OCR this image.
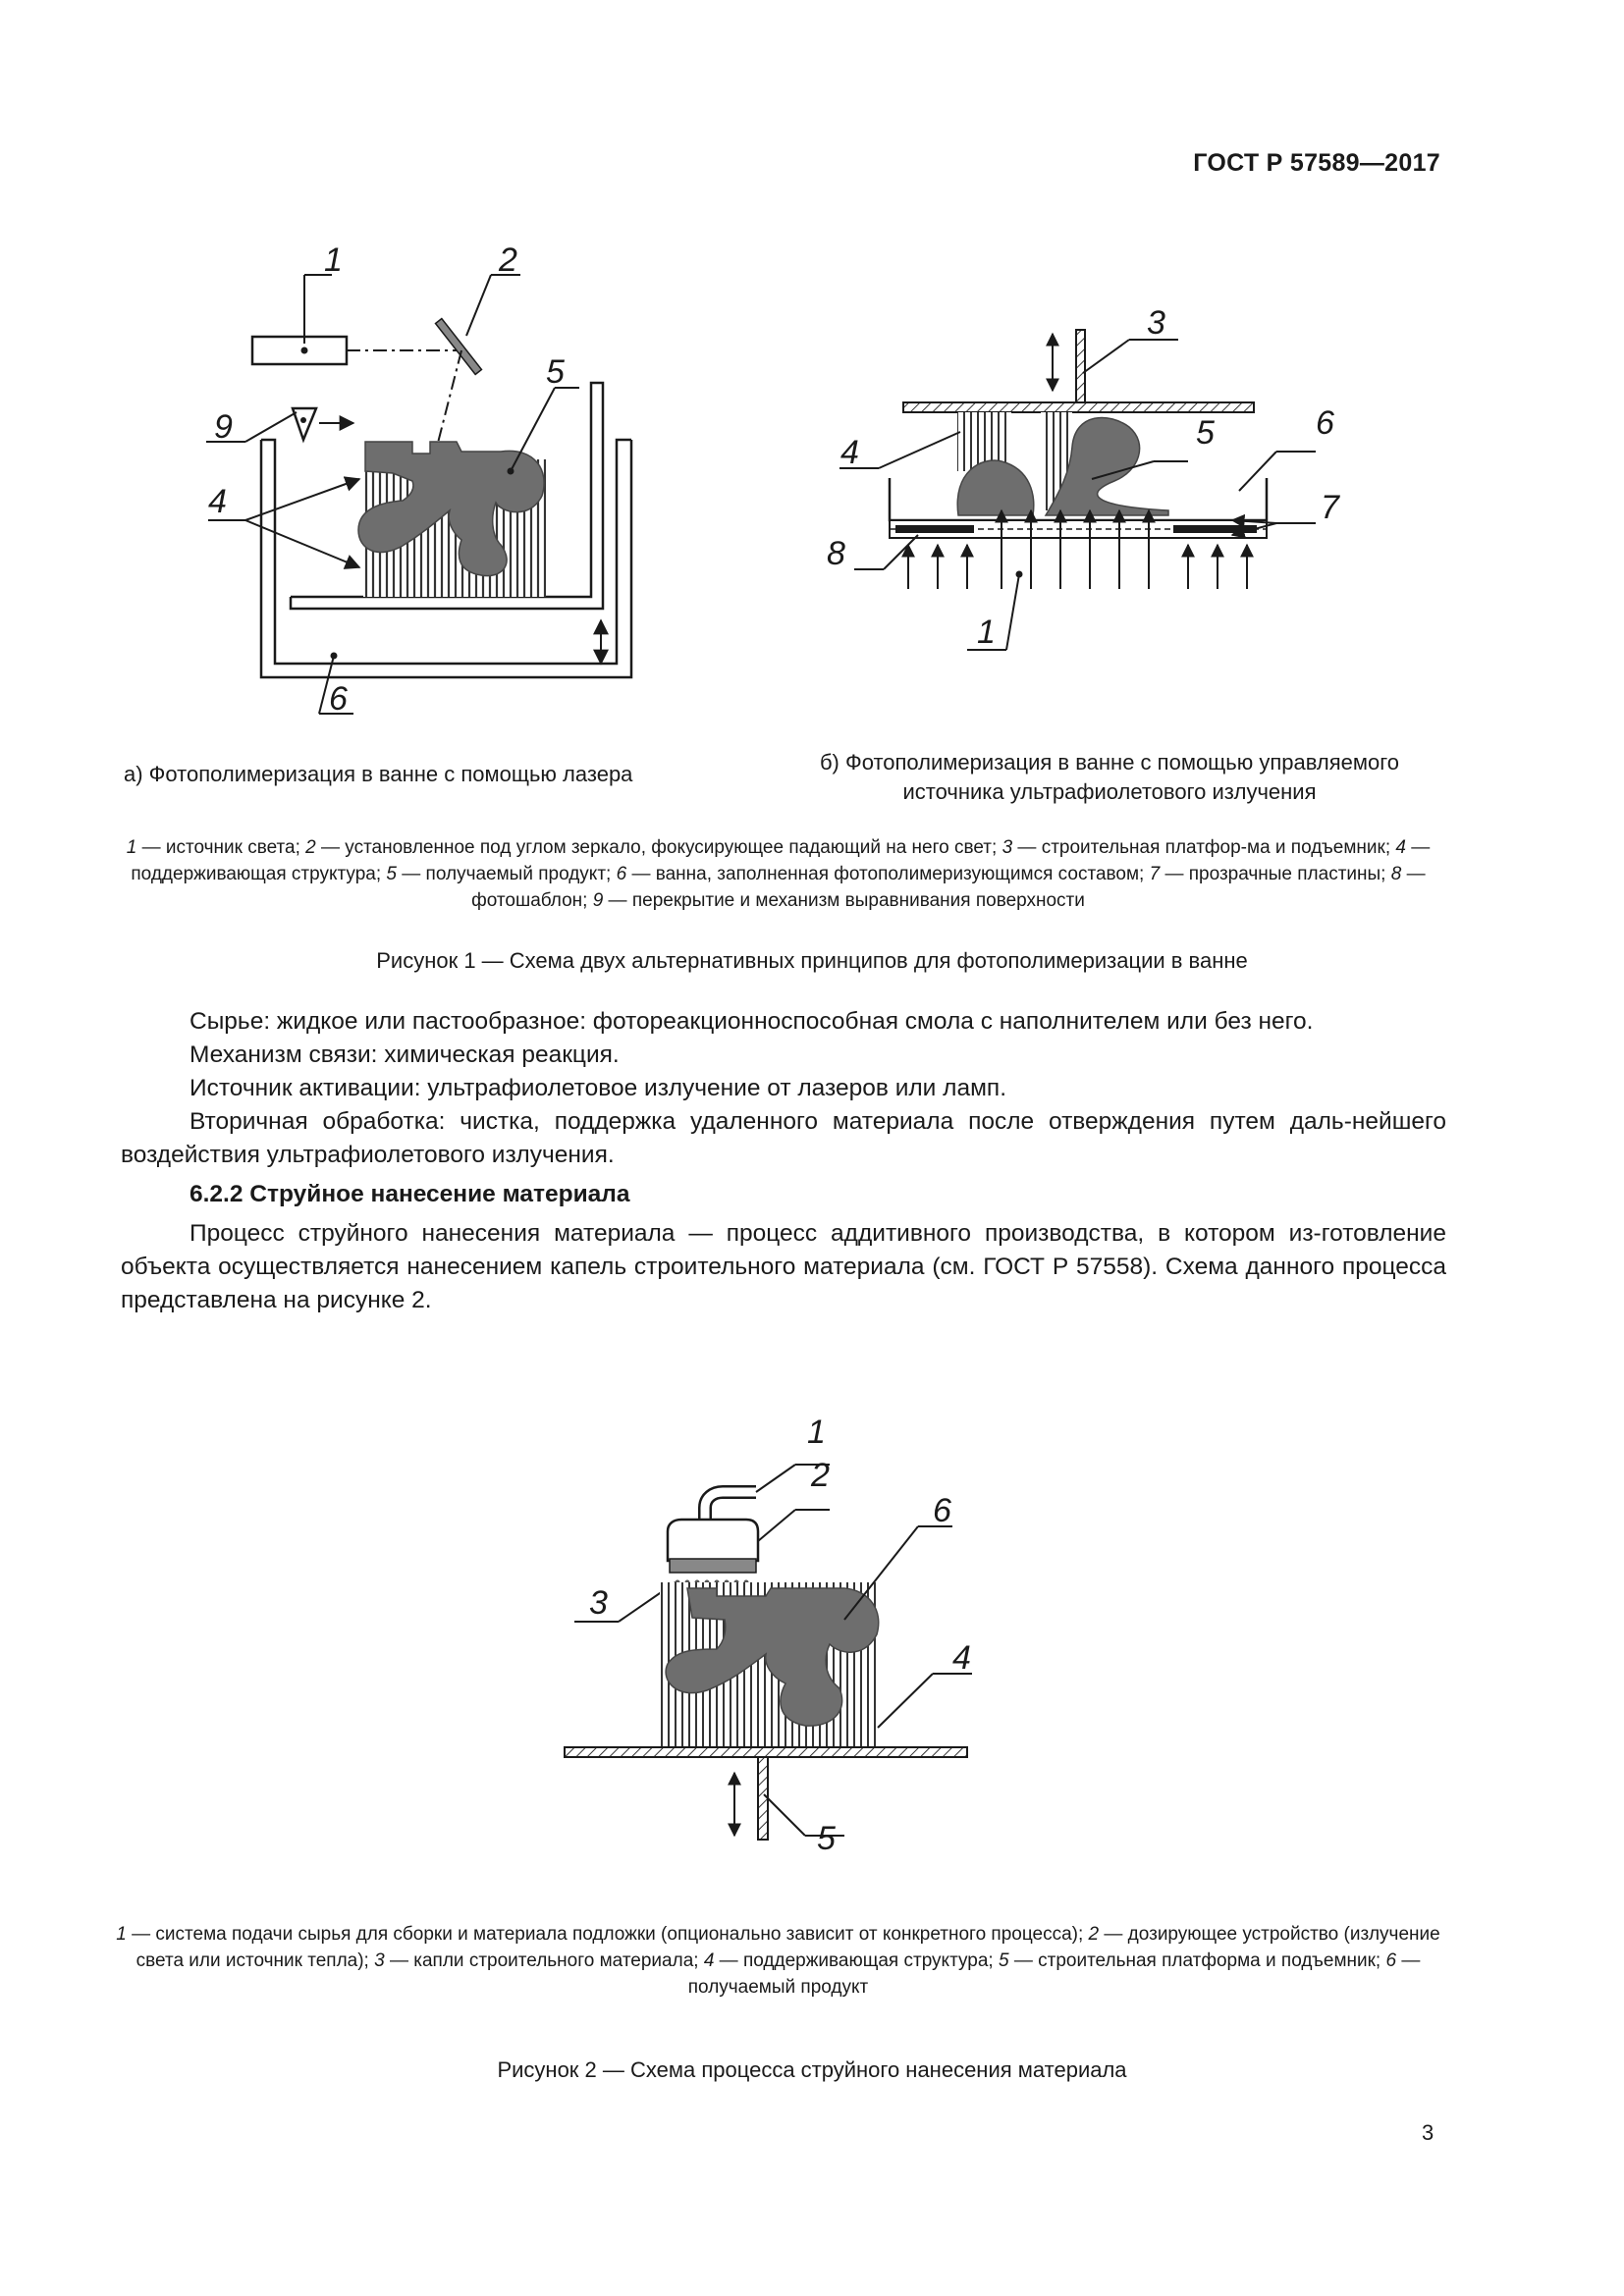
ГОСТ Р 57589—2017
1	2
5
9
4
6
3
5
4
6
7
8
1
а) Фотополимеризация в ванне с помощью лазера	б) Фотополимеризация в ванне с помощью управляемого
источника ультрафиолетового излучения
1 — источник света; 2 — установленное под углом зеркало, фокусирующее падающий на него свет; 3 — строительная платфор-ма и подъемник; 4 — поддерживающая структура; 5 — получаемый продукт; 6 — ванна, заполненная фотополимеризующимся составом; 7 — прозрачные пластины; 8 — фотошаблон; 9 — перекрытие и механизм выравнивания поверхности
Рисунок 1 — Схема двух альтернативных принципов для фотополимеризации в ванне

Сырье: жидкое или пастообразное: фотореакционноспособная смола с наполнителем или без него.

Механизм связи: химическая реакция.

Источник активации: ультрафиолетовое излучение от лазеров или ламп.

Вторичная обработка: чистка, поддержка удаленного материала после отверждения путем даль-нейшего воздействия ультрафиолетового излучения.

6.2.2 Струйное нанесение материала

Процесс струйного нанесения материала — процесс аддитивного производства, в котором из-готовление объекта осуществляется нанесением капель строительного материала (см. ГОСТ Р 57558). Схема данного процесса представлена на рисунке 2.

1
2
3
6
5
4
1 — система подачи сырья для сборки и материала подложки (опционально зависит от конкретного процесса); 2 — дозирующее устройство (излучение света или источник тепла); 3 — капли строительного материала; 4 — поддерживающая структура; 5 — строительная платформа и подъемник; 6 — получаемый продукт
Рисунок 2 — Схема процесса струйного нанесения материала
3
